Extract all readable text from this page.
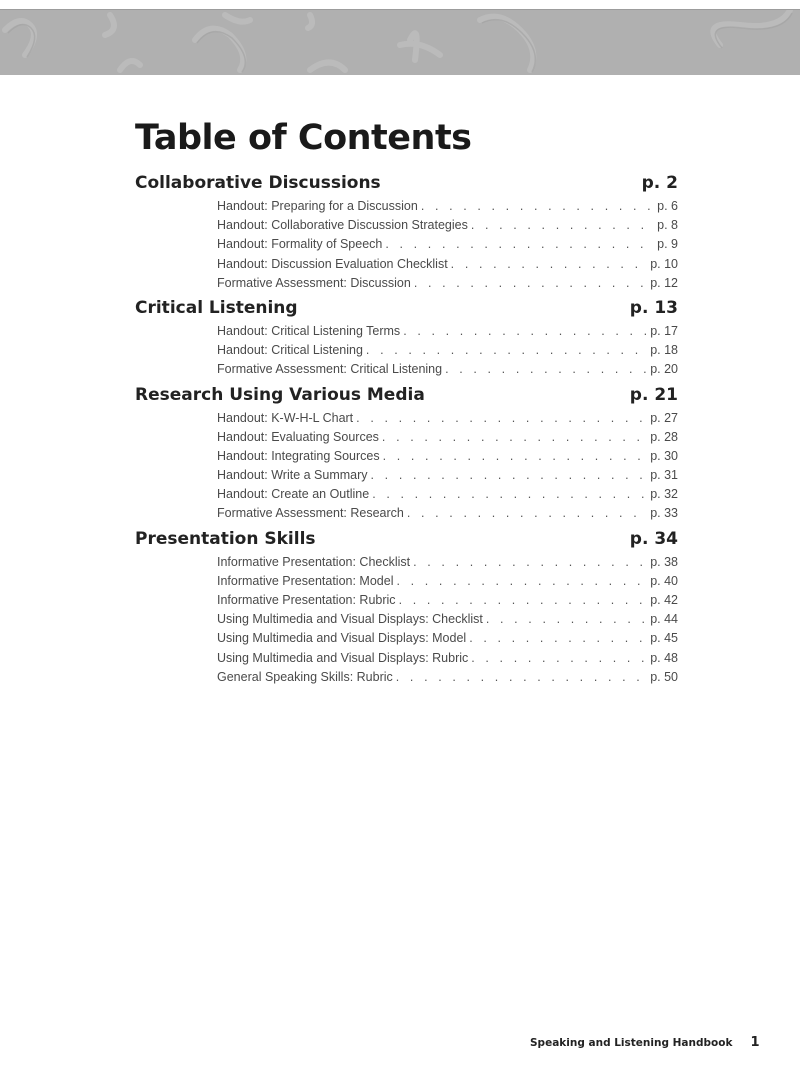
Table of Contents
Collaborative Discussions	p. 2
Handout: Preparing for a Discussion . . .	p. 6
Handout: Collaborative Discussion Strategies . . .	p. 8
Handout: Formality of Speech . . .	p. 9
Handout: Discussion Evaluation Checklist . . .	p. 10
Formative Assessment: Discussion . . .	p. 12
Critical Listening	p. 13
Handout: Critical Listening Terms . . .	p. 17
Handout: Critical Listening . . .	p. 18
Formative Assessment: Critical Listening . . .	p. 20
Research Using Various Media	p. 21
Handout: K-W-H-L Chart . . .	p. 27
Handout: Evaluating Sources . . .	p. 28
Handout: Integrating Sources . . .	p. 30
Handout: Write a Summary . . .	p. 31
Handout: Create an Outline . . .	p. 32
Formative Assessment: Research . . .	p. 33
Presentation Skills	p. 34
Informative Presentation: Checklist . . .	p. 38
Informative Presentation: Model . . .	p. 40
Informative Presentation: Rubric . . .	p. 42
Using Multimedia and Visual Displays: Checklist . . .	p. 44
Using Multimedia and Visual Displays: Model . . .	p. 45
Using Multimedia and Visual Displays: Rubric . . .	p. 48
General Speaking Skills: Rubric . . .	p. 50
Speaking and Listening Handbook 1
